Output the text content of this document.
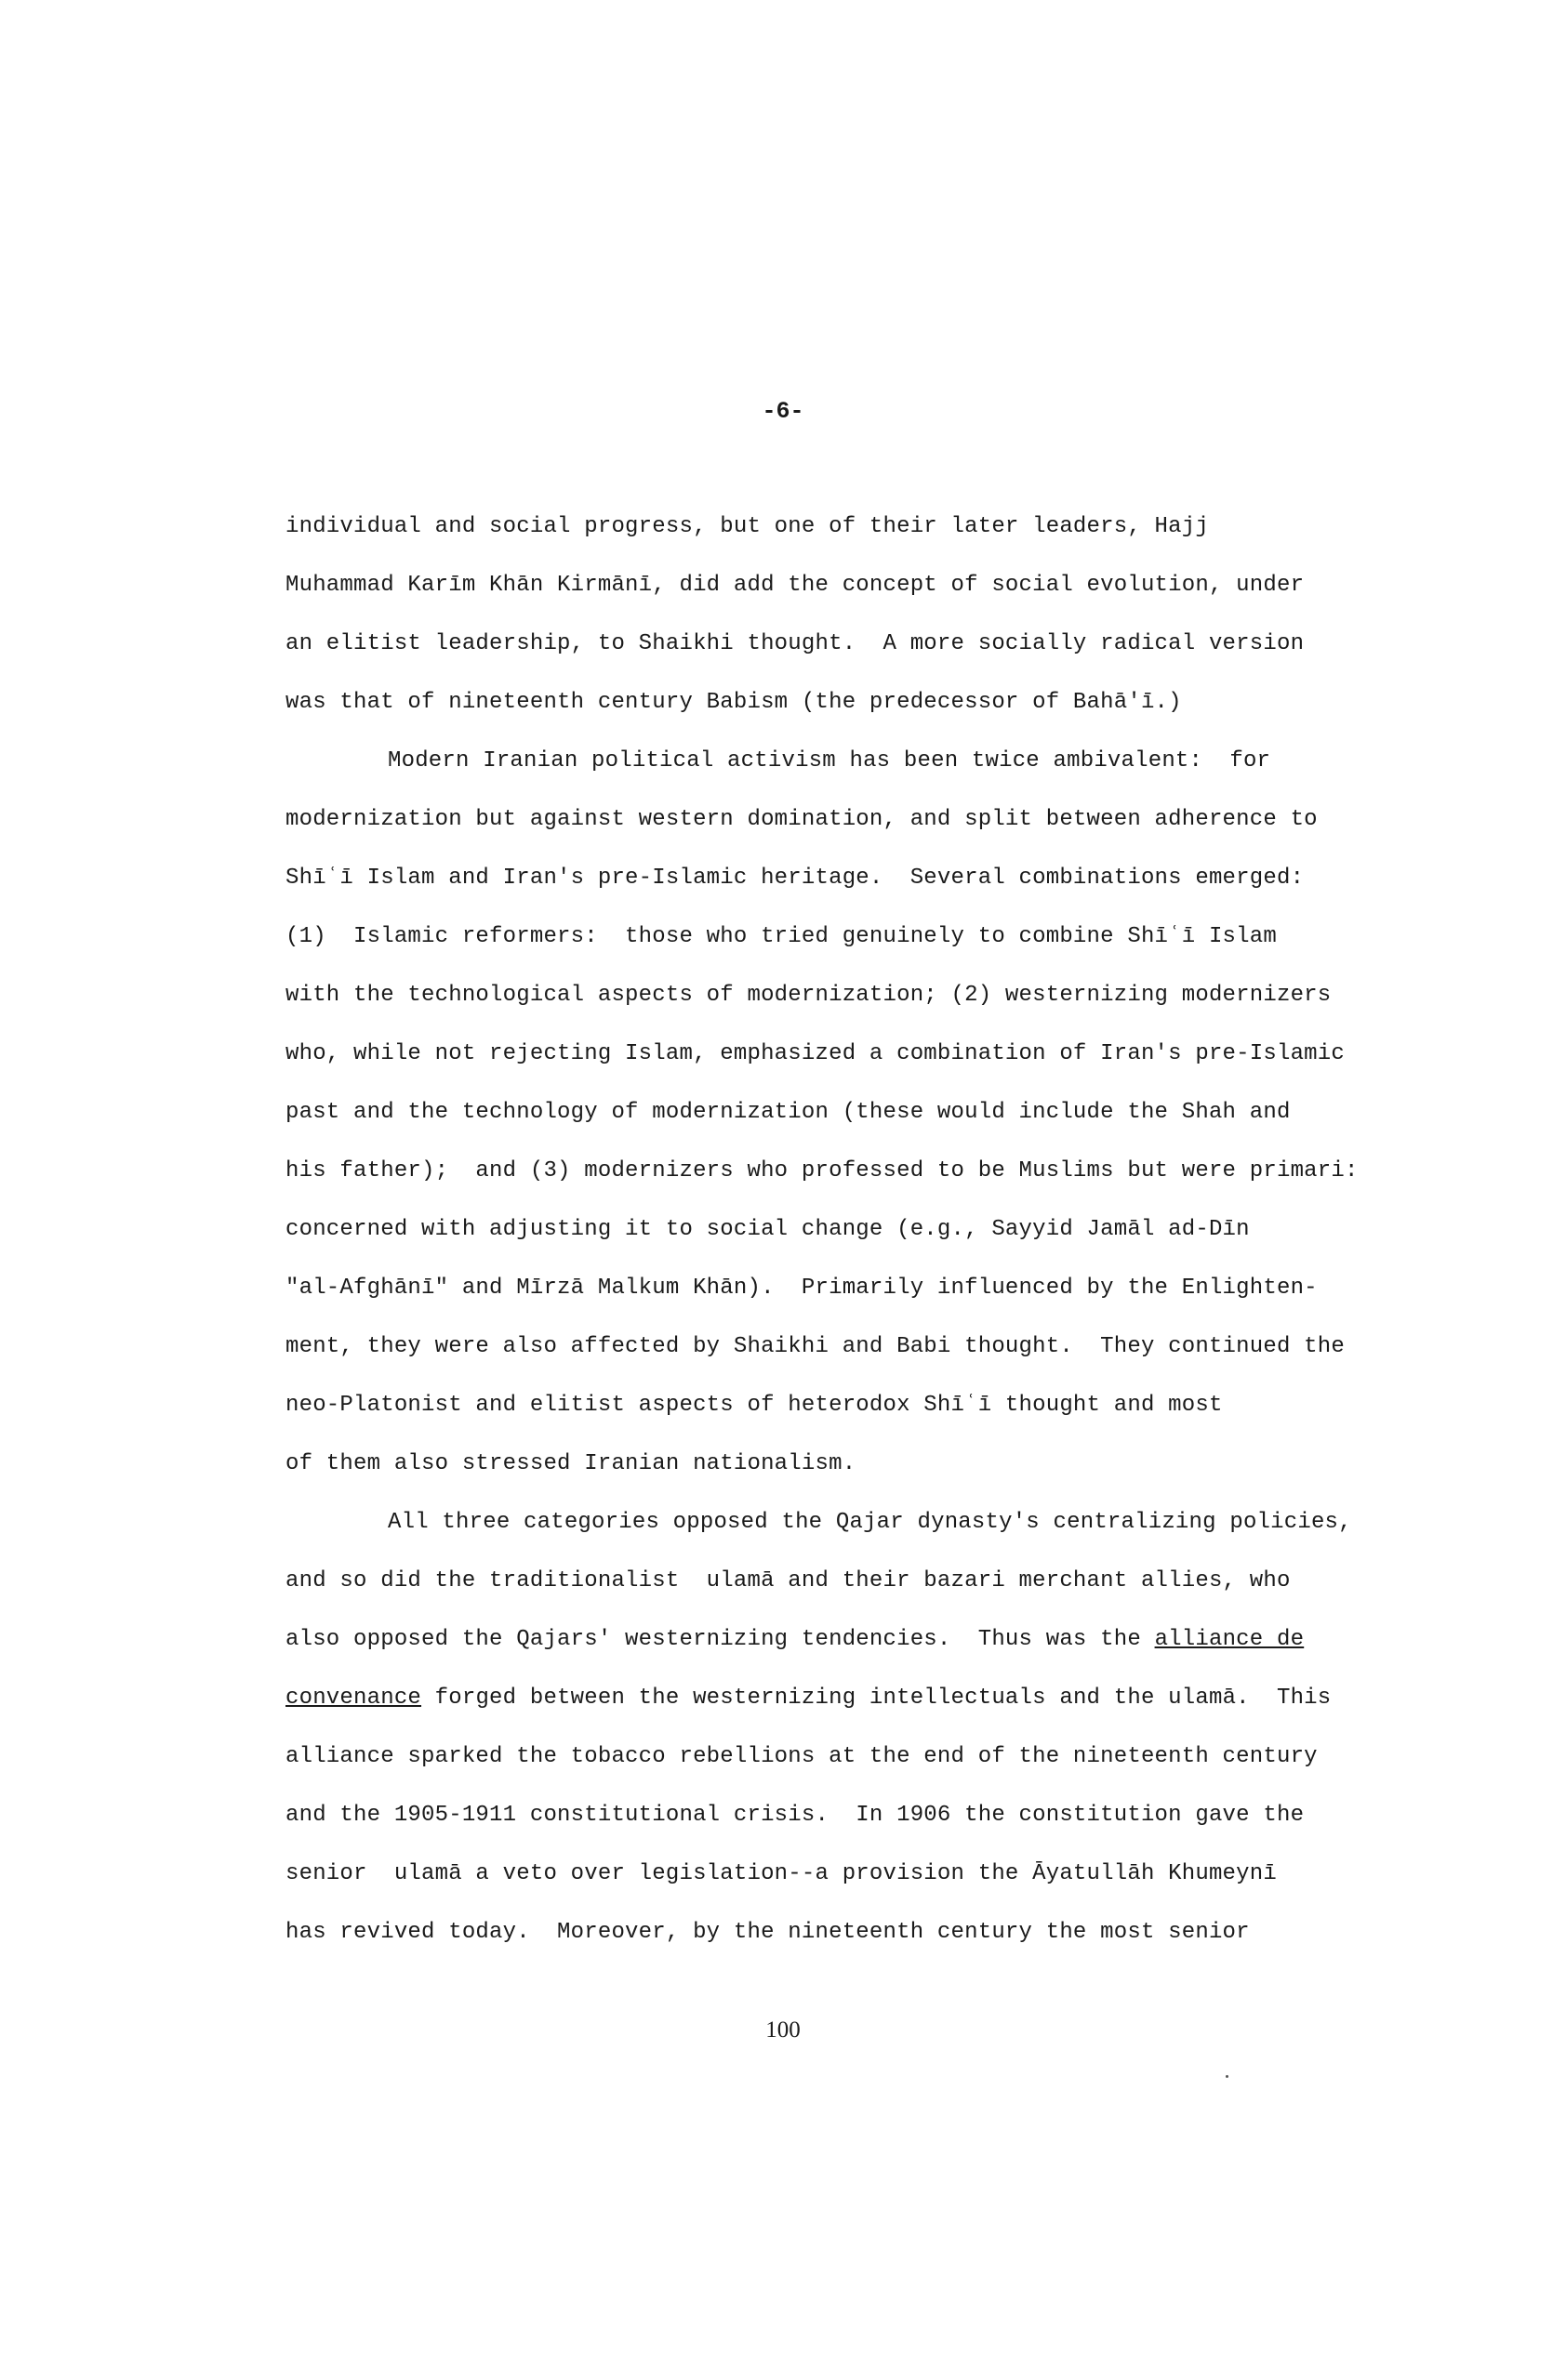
-6-
individual and social progress, but one of their later leaders, Hajj
Muhammad Karīm Khān Kirmānī, did add the concept of social evolution, under
an elitist leadership, to Shaikhi thought.  A more socially radical version
was that of nineteenth century Babism (the predecessor of Bahā'ī.)
Modern Iranian political activism has been twice ambivalent:  for
modernization but against western domination, and split between adherence to
Shīʿī Islam and Iran's pre-Islamic heritage.  Several combinations emerged:
(1)  Islamic reformers:  those who tried genuinely to combine Shīʿī Islam
with the technological aspects of modernization; (2) westernizing modernizers
who, while not rejecting Islam, emphasized a combination of Iran's pre-Islamic
past and the technology of modernization (these would include the Shah and
his father);  and (3) modernizers who professed to be Muslims but were primari:
concerned with adjusting it to social change (e.g., Sayyid Jamāl ad-Dīn
"al-Afghānī" and Mīrzā Malkum Khān).  Primarily influenced by the Enlighten-
ment, they were also affected by Shaikhi and Babi thought.  They continued the
neo-Platonist and elitist aspects of heterodox Shīʿī thought and most
of them also stressed Iranian nationalism.
All three categories opposed the Qajar dynasty's centralizing policies,
and so did the traditionalist  ulamā and their bazari merchant allies, who
also opposed the Qajars' westernizing tendencies.  Thus was the alliance de
convenance forged between the westernizing intellectuals and the ulamā.  This
alliance sparked the tobacco rebellions at the end of the nineteenth century
and the 1905-1911 constitutional crisis.  In 1906 the constitution gave the
senior  ulamā a veto over legislation--a provision the Āyatullāh Khumeynī
has revived today.  Moreover, by the nineteenth century the most senior
100
